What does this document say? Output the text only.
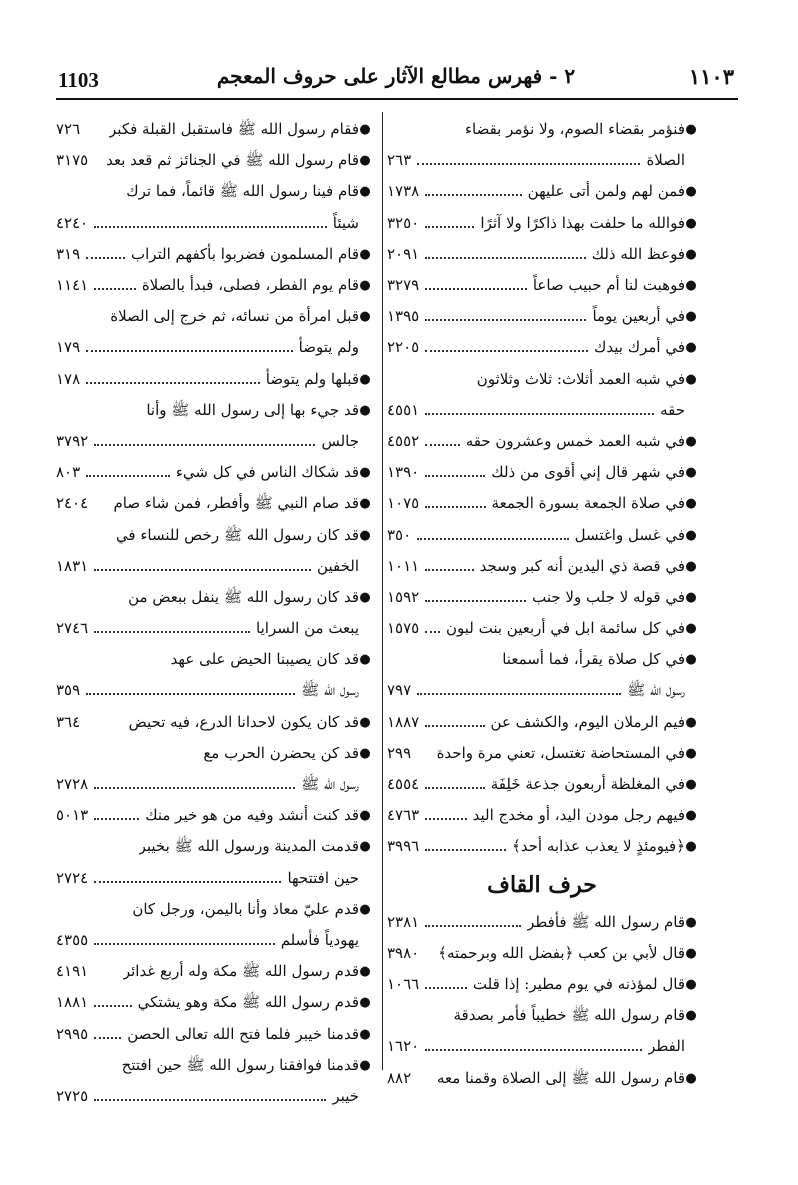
1103	٢ - فهرس مطالع الآثار على حروف المعجم	١١٠٣
●
فنؤمر بقضاء الصوم، ولا نؤمر بقضاء
الصلاة
٢٦٣
●
فمن لهم ولمن أتى عليهن
١٧٣٨
●
فوالله ما حلفت بهذا ذاكرًا ولا آثرًا
٣٢٥٠
●
فوعظ الله ذلك
٢٠٩١
●
فوهبت لنا أم حبيب صاعاً
٣٢٧٩
●
في أربعين يوماً
١٣٩٥
●
في أمرك بيدك
٢٢٠٥
●
في شبه العمد أثلاث: ثلاث وثلاثون
حقه
٤٥٥١
●
في شبه العمد خمس وعشرون حقه
٤٥٥٢
●
في شهر قال إني أقوى من ذلك
١٣٩٠
●
في صلاة الجمعة بسورة الجمعة
١٠٧٥
●
في غسل واغتسل
٣٥٠
●
في قصة ذي اليدين أنه كبر وسجد
١٠١١
●
في قوله لا جلب ولا جنب
١٥٩٢
●
في كل سائمة ابل في أربعين بنت لبون
١٥٧٥
●
في كل صلاة يقرأ، فما أسمعنا
رسول الله ﷺ
٧٩٧
●
فيم الرملان اليوم، والكشف عن
١٨٨٧
●
في المستحاضة تغتسل، تعني مرة واحدة
٢٩٩
●
في المغلظة أربعون جذعة خَلِفَة
٤٥٥٤
●
فيهم رجل مودن اليد، أو مخدج اليد
٤٧٦٣
●
﴿فيومئذٍ لا يعذب عذابه أحد﴾
٣٩٩٦
حرف القاف
●
قام رسول الله ﷺ فأفطر
٢٣٨١
●
قال لأبي بن كعب ﴿بفضل الله وبرحمته﴾
٣٩٨٠
●
قال لمؤذنه في يوم مطير: إذا قلت
١٠٦٦
●
قام رسول الله ﷺ خطيباً فأمر بصدقة
الفطر
١٦٢٠
●
قام رسول الله ﷺ إلى الصلاة وقمنا معه
٨٨٢
●
فقام رسول الله ﷺ فاستقبل القبلة فكبر
٧٢٦
●
قام رسول الله ﷺ في الجنائز ثم قعد بعد
٣١٧٥
●
قام فينا رسول الله ﷺ قائماً، فما ترك
شيئاً
٤٢٤٠
●
قام المسلمون فضربوا بأكفهم التراب
٣١٩
●
قام يوم الفطر، فصلى، فبدأ بالصلاة
١١٤١
●
قبل امرأة من نسائه، ثم خرج إلى الصلاة
ولم يتوضأ
١٧٩
●
قبلها ولم يتوضأ
١٧٨
●
قد جيء بها إلى رسول الله ﷺ وأنا
جالس
٣٧٩٢
●
قد شكاك الناس في كل شيء
٨٠٣
●
قد صام النبي ﷺ وأفطر، فمن شاء صام
٢٤٠٤
●
قد كان رسول الله ﷺ رخص للنساء في
الخفين
١٨٣١
●
قد كان رسول الله ﷺ ينفل ببعض من
يبعث من السرايا
٢٧٤٦
●
قد كان يصيبنا الحيض على عهد
رسول الله ﷺ
٣٥٩
●
قد كان يكون لاحدانا الدرع، فيه تحيض
٣٦٤
●
قد كن يحضرن الحرب مع
رسول الله ﷺ
٢٧٢٨
●
قد كنت أنشد وفيه من هو خير منك
٥٠١٣
●
قدمت المدينة ورسول الله ﷺ بخيبر
حين افتتحها
٢٧٢٤
●
قدم عليّ معاذ وأنا باليمن، ورجل كان
يهودياً فأسلم
٤٣٥٥
●
قدم رسول الله ﷺ مكة وله أربع غدائر
٤١٩١
●
قدم رسول الله ﷺ مكة وهو يشتكي
١٨٨١
●
قدمنا خيبر فلما فتح الله تعالى الحصن
٢٩٩٥
●
قدمنا فوافقنا رسول الله ﷺ حين افتتح
خيبر
٢٧٢٥
